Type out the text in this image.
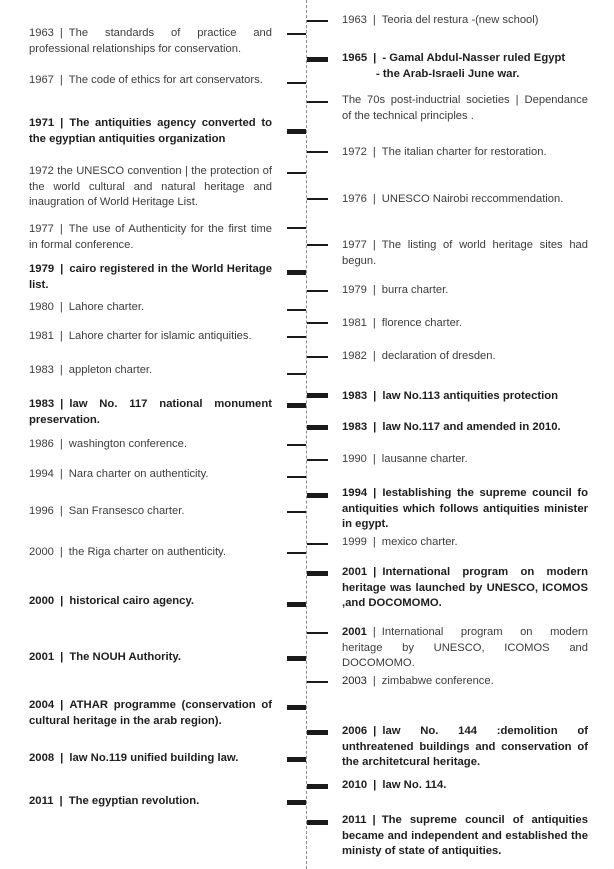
1963 | The standards of practice and professional relationships for conservation.
1967 | The code of ethics for art conservators.
1971 | The antiquities agency converted to the egyptian antiquities organization
1972 the UNESCO convention | the protection of the world cultural and natural heritage and inaugration of World Heritage List.
1977 | The use of Authenticity for the first time in formal conference.
1979 | cairo registered in the World Heritage list.
1980 | Lahore charter.
1981 | Lahore charter for islamic antiquities.
1983 | appleton charter.
1983 | law No. 117 national monument preservation.
1986 | washington conference.
1994 | Nara charter on authenticity.
1996 | San Fransesco charter.
2000 | the Riga charter on authenticity.
2000 | historical cairo agency.
2001 | The NOUH Authority.
2004 | ATHAR programme (conservation of cultural heritage in the arab region).
2008 | law No.119 unified building law.
2011 | The egyptian revolution.
1963 | Teoria del restura -(new school)
1965 | - Gamal Abdul-Nasser ruled Egypt
- the Arab-Israeli June war.
The 70s post-inductrial societies | Dependance of the technical principles .
1972 | The italian charter for restoration.
1976 | UNESCO Nairobi reccommendation.
1977 | The listing of world heritage sites had begun.
1979 | burra charter.
1981 | florence charter.
1982 | declaration of dresden.
1983 | law No.113 antiquities protection
1983 | law No.117 and amended in 2010.
1990 | lausanne charter.
1994 | Iestablishing the supreme council fo antiquities which follows antiquities minister in egypt.
1999 | mexico charter.
2001 | International program on modern heritage was launched by UNESCO, ICOMOS ,and DOCOMOMO.
2001 | International program on modern heritage by UNESCO, ICOMOS and DOCOMOMO.
2003 | zimbabwe conference.
2006 | law No. 144 :demolition of unthreatened buildings and conservation of the architetcural heritage.
2010 | law No. 114.
2011 | The supreme council of antiquities became and independent and established the ministy of state of antiquities.
